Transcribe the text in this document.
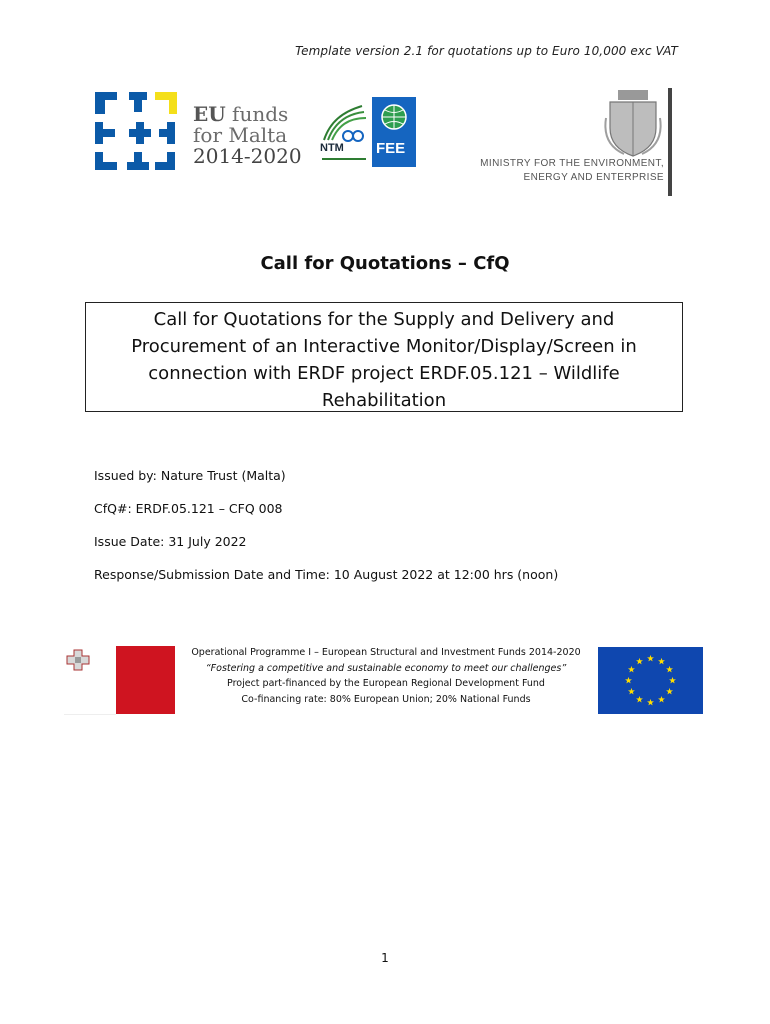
Template version 2.1 for quotations up to Euro 10,000 exc VAT
EU funds
for Malta
2014-2020 NTM FEE
MINISTRY FOR THE ENVIRONMENT,
ENERGY AND ENTERPRISE
Call for Quotations – CfQ
Call for Quotations for the Supply and Delivery and
Procurement of an Interactive Monitor/Display/Screen in
connection with ERDF project ERDF.05.121 – Wildlife
Rehabilitation
Issued by: Nature Trust (Malta)
CfQ#: ERDF.05.121 – CFQ 008
Issue Date: 31 July 2022
Response/Submission Date and Time: 10 August 2022 at 12:00 hrs (noon)
Operational Programme I – European Structural and Investment Funds 2014-2020
“Fostering a competitive and sustainable economy to meet our challenges”
Project part-financed by the European Regional Development Fund
Co-financing rate: 80% European Union; 20% National Funds
1
